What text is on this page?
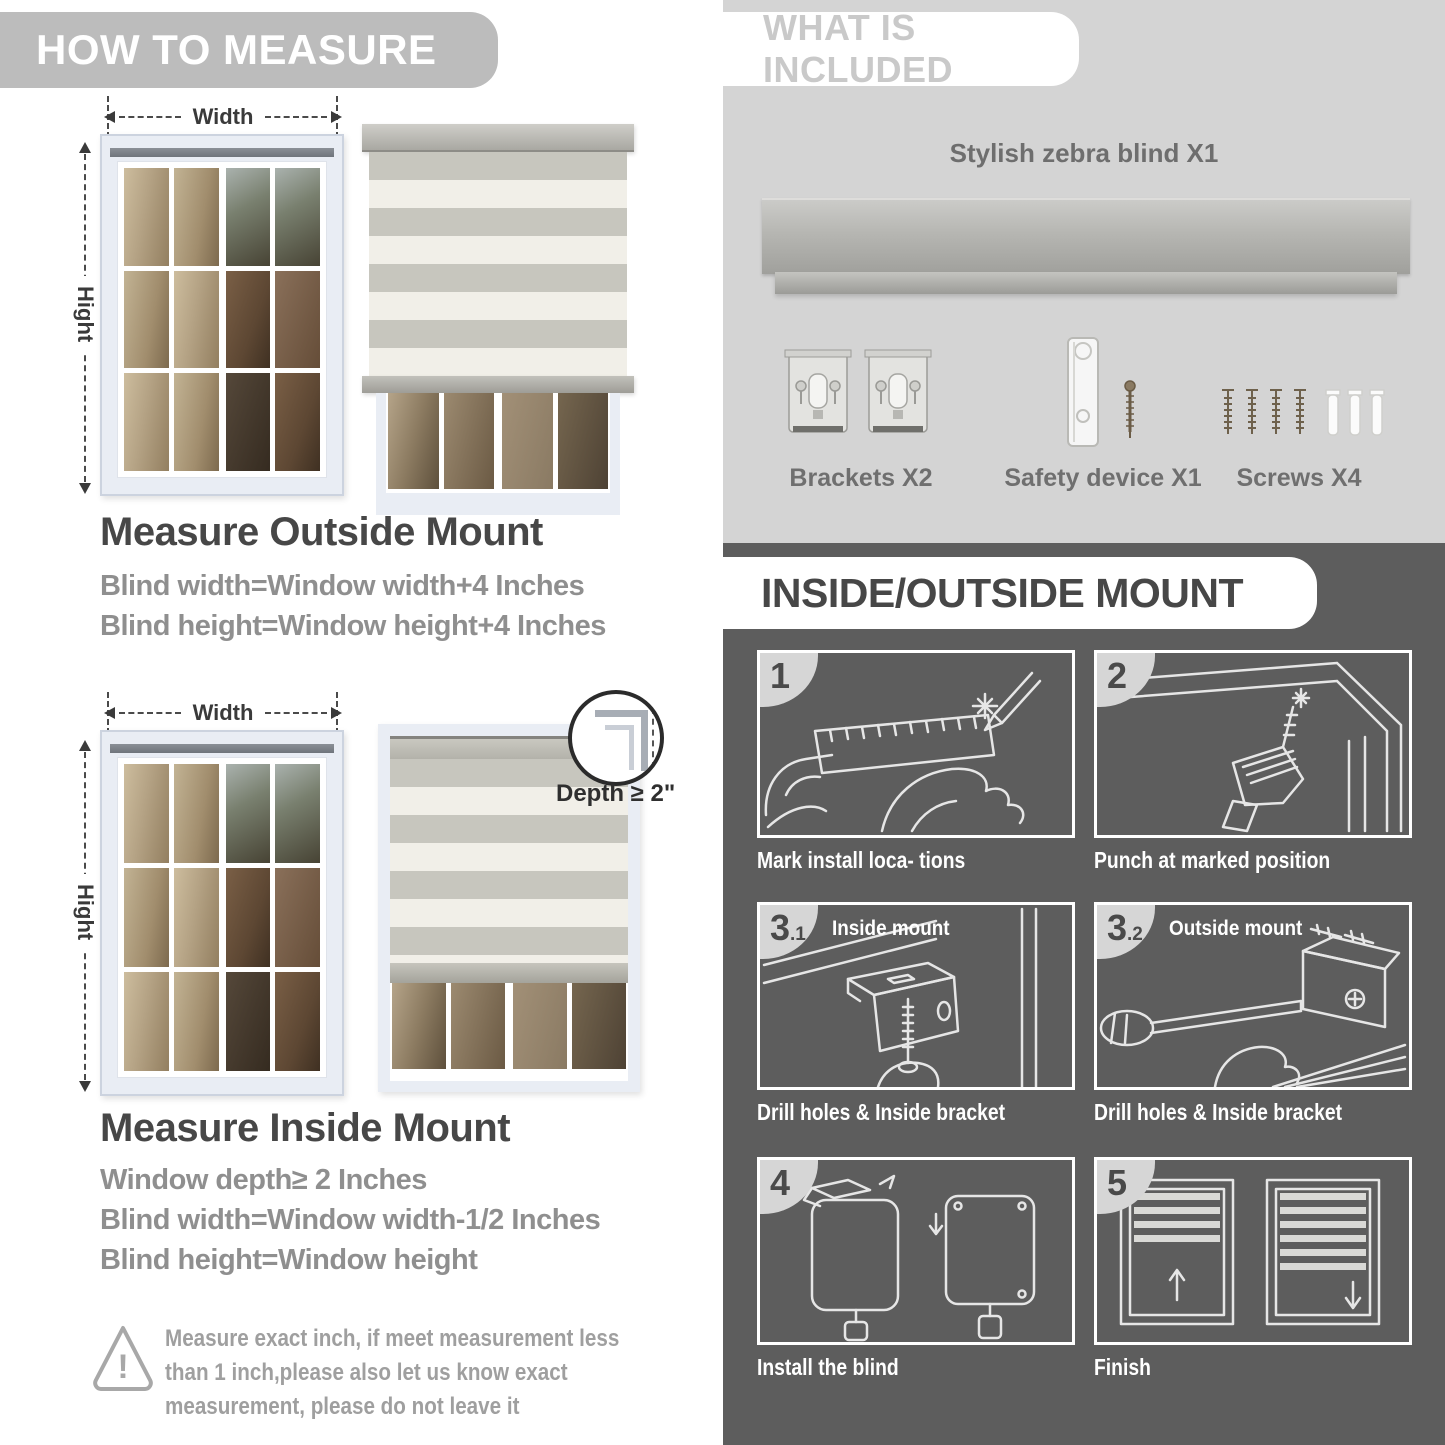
HOW TO MEASURE
Width
Hight
Measure Outside Mount
Blind width=Window width+4 Inches
Blind height=Window height+4 Inches
Width
Hight
Depth ≥ 2"
Measure Inside Mount
Window depth≥ 2 Inches
Blind width=Window width-1/2 Inches
Blind height=Window height
!
Measure exact inch, if meet measurement less
than 1 inch,please also let us know exact
measurement, please do not leave it
WHAT IS INCLUDED
Stylish zebra blind X1
Brackets X2	Safety device X1	Screws X4
INSIDE/OUTSIDE MOUNT
1
Mark install loca- tions
2
Punch at marked position
3.1	Inside mount
Drill holes & Inside bracket
3.2	Outside mount
Drill holes & Inside bracket
4
Install the blind
5
Finish
